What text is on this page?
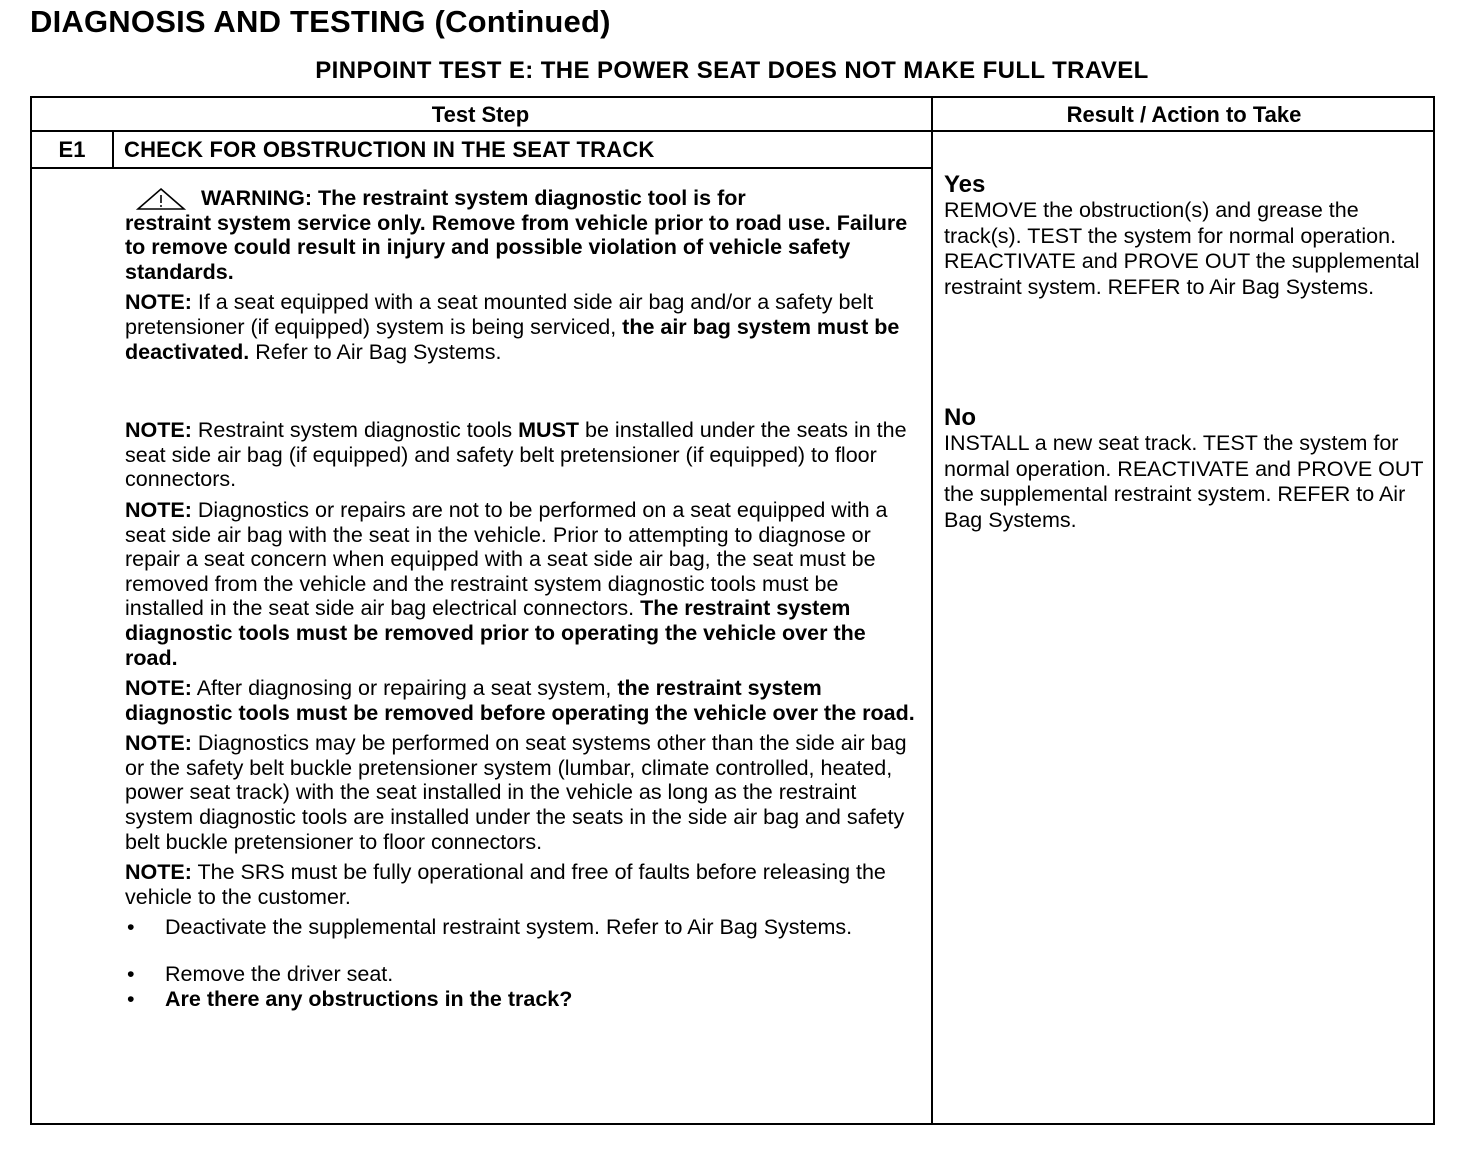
DIAGNOSIS AND TESTING (Continued)
PINPOINT TEST E: THE POWER SEAT DOES NOT MAKE FULL TRAVEL
Test Step	Result / Action to Take
E1	CHECK FOR OBSTRUCTION IN THE SEAT TRACK
WARNING: The restraint system diagnostic tool is for

restraint system service only. Remove from vehicle prior to road use. Failure to remove could result in injury and possible violation of vehicle safety standards.

NOTE: If a seat equipped with a seat mounted side air bag and/or a safety belt pretensioner (if equipped) system is being serviced, the air bag system must be deactivated. Refer to Air Bag Systems.

NOTE: Restraint system diagnostic tools MUST be installed under the seats in the seat side air bag (if equipped) and safety belt pretensioner (if equipped) to floor connectors.

NOTE: Diagnostics or repairs are not to be performed on a seat equipped with a seat side air bag with the seat in the vehicle. Prior to attempting to diagnose or repair a seat concern when equipped with a seat side air bag, the seat must be removed from the vehicle and the restraint system diagnostic tools must be installed in the seat side air bag electrical connectors. The restraint system diagnostic tools must be removed prior to operating the vehicle over the road.

NOTE: After diagnosing or repairing a seat system, the restraint system diagnostic tools must be removed before operating the vehicle over the road.

NOTE: Diagnostics may be performed on seat systems other than the side air bag or the safety belt buckle pretensioner system (lumbar, climate controlled, heated, power seat track) with the seat installed in the vehicle as long as the restraint system diagnostic tools are installed under the seats in the side air bag and safety belt buckle pretensioner to floor connectors.

NOTE: The SRS must be fully operational and free of faults before releasing the vehicle to the customer.

• Deactivate the supplemental restraint system. Refer to Air Bag Systems.
• Remove the driver seat.
• Are there any obstructions in the track?
Yes
REMOVE the obstruction(s) and grease the track(s). TEST the system for normal operation. REACTIVATE and PROVE OUT the supplemental restraint system. REFER to Air Bag Systems.
No
INSTALL a new seat track. TEST the system for normal operation. REACTIVATE and PROVE OUT the supplemental restraint system. REFER to Air Bag Systems.
